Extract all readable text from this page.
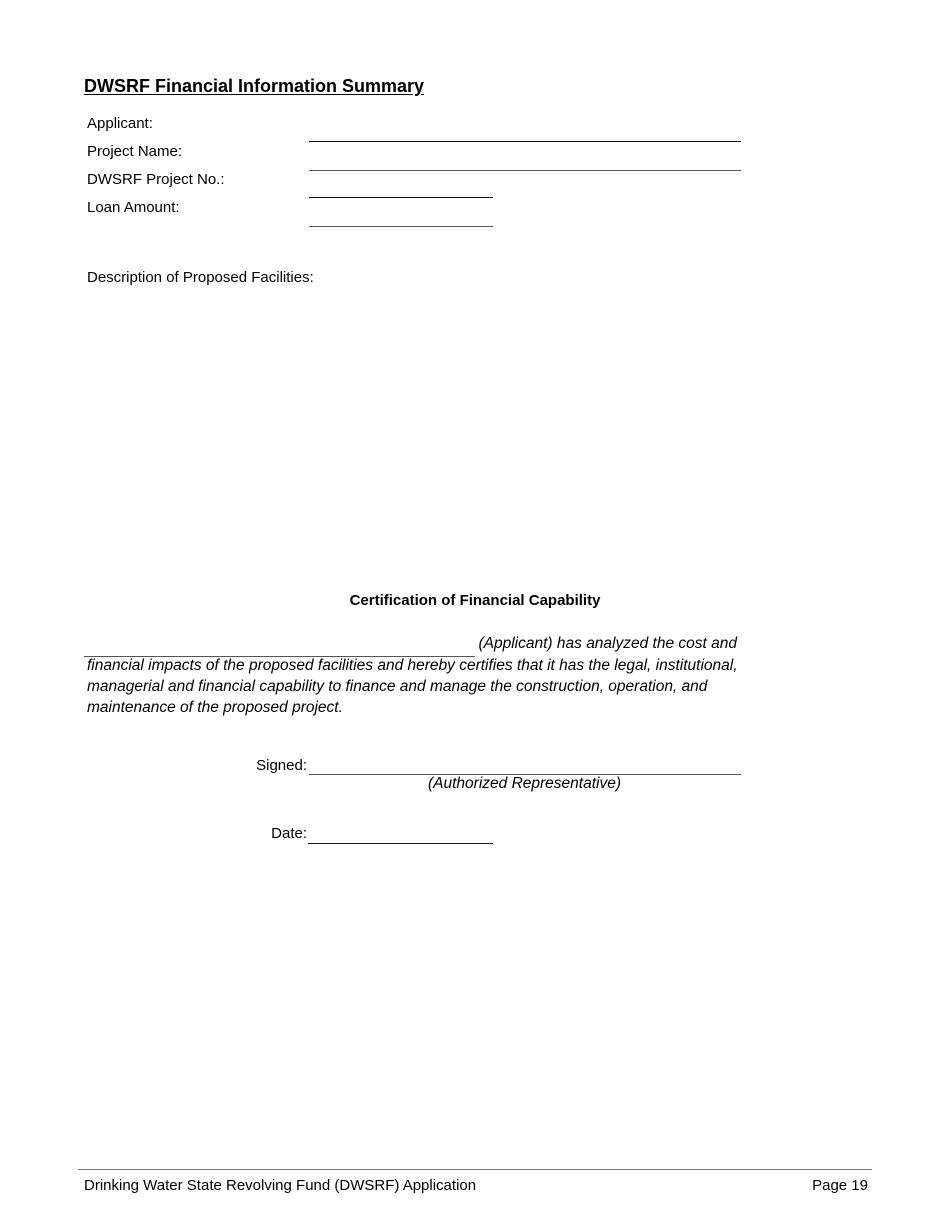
DWSRF Financial Information Summary
Applicant:
Project Name:
DWSRF Project No.:
Loan Amount:
Description of Proposed Facilities:
Certification of Financial Capability
(Applicant) has analyzed the cost and
financial impacts of the proposed facilities and hereby certifies that it has the legal, institutional, managerial and financial capability to finance and manage the construction, operation, and maintenance of the proposed project.
Signed:
(Authorized Representative)
Date:
Drinking Water State Revolving Fund (DWSRF) Application	Page 19
